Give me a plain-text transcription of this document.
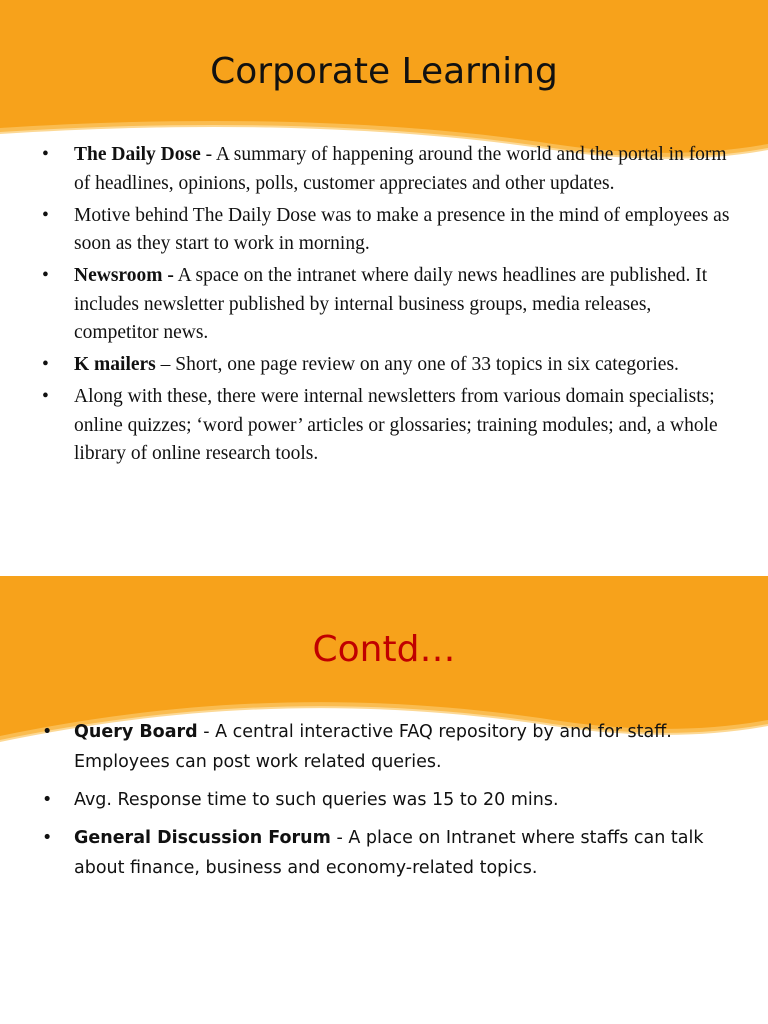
Corporate Learning
• The Daily Dose - A summary of happening around the world and the portal in form of headlines, opinions, polls, customer appreciates and other updates.
• Motive behind The Daily Dose was to make a presence in the mind of employees as soon as they start to work in morning.
• Newsroom - A space on the intranet where daily news headlines are published. It includes newsletter published by internal business groups, media releases, competitor news.
• K mailers – Short, one page review on any one of 33 topics in six categories.
• Along with these, there were internal newsletters from various domain specialists; online quizzes; ‘word power’ articles or glossaries; training modules; and, a whole library of online research tools.
Contd…
• Query Board - A central interactive FAQ repository by and for staff. Employees can post work related queries.
• Avg. Response time to such queries was 15 to 20 mins.
• General Discussion Forum - A place on Intranet where staffs can talk about finance, business and economy-related topics.
